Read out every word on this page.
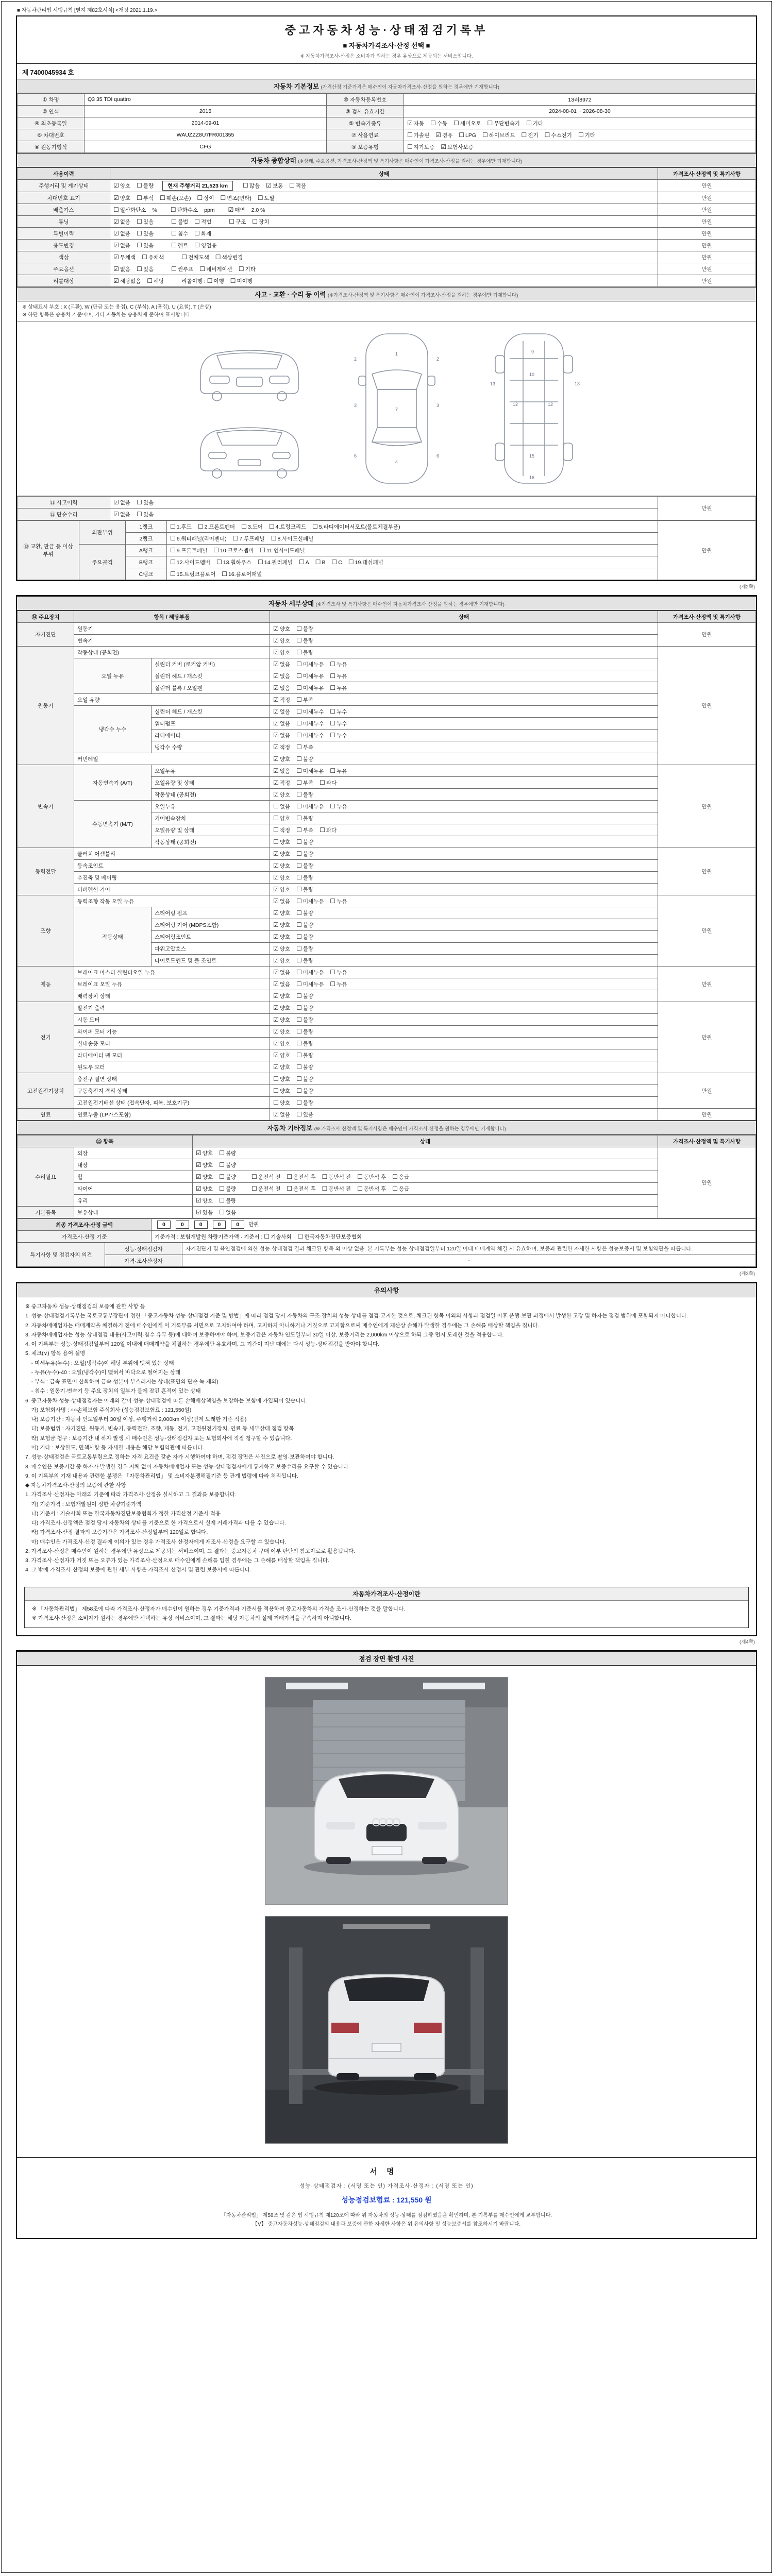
■ 자동차관리법 시행규칙 [별지 제82호서식] <개정 2021.1.19.>
중고자동차성능·상태점검기록부
■ 자동차가격조사·산정 선택 ■
※ 자동차가격조사·산정은 소비자가 원하는 경우 유상으로 제공되는 서비스입니다.
제 7400045934 호
자동차 기본정보 (가격산정 기준가격은 매수인이 자동차가격조사·산정을 원하는 경우에만 기재합니다)
① 차명	Q3 35 TDI quattro	⑩ 자동차등록번호	13러8972
② 연식	2015	③ 검사 유효기간	2024-08-01 ~ 2026-08-30
④ 최초등록일	2014-09-01	⑤ 변속기종류	☑ 자동 ☐ 수동 ☐ 세미오토 ☐ 무단변속기 ☐ 기타
⑥ 차대번호	WAUZZZ8U7FR001355	⑦ 사용연료	☐ 가솔린 ☑ 경유 ☐ LPG ☐ 하이브리드 ☐ 전기 ☐ 수소전기 ☐ 기타
⑧ 원동기형식	CFG	⑨ 보증유형	☐ 자가보증 ☑ 보험사보증
자동차 종합상태 (※상태, 주요옵션, 가격조사·산정액 및 특기사항은 매수인이 가격조사·산정을 원하는 경우에만 기재합니다)
사용이력	상태	가격조사·산정액 및 특기사항
주행거리 및 계기상태	☑ 양호 ☐ 불량 현재 주행거리 21,523 km ☐ 많음 ☑ 보통 ☐ 적음	만원
차대번호 표기	☑ 양호 ☐ 부식 ☐ 훼손(오손) ☐ 상이 ☐ 변조(변타) ☐ 도말	만원
배출가스	☐ 일산화탄소 % ☐ 탄화수소 ppm ☑ 매연 2.0 %	만원
튜닝	☑ 없음 ☐ 있음 ☐ 불법 ☐ 적법 ☐ 구조 ☐ 장치	만원
특별이력	☑ 없음 ☐ 있음 ☐ 침수 ☐ 화재	만원
용도변경	☑ 없음 ☐ 있음 ☐ 렌트 ☐ 영업용	만원
색상	☑ 무채색 ☐ 유채색 ☐ 전체도색 ☐ 색상변경	만원
주요옵션	☑ 없음 ☐ 있음 ☐ 썬루프 ☐ 네비게이션 ☐ 기타	만원
리콜대상	☑ 해당없음 ☐ 해당 리콜이행 : ☐ 이행 ☐ 미이행	만원
사고 · 교환 · 수리 등 이력 (※가격조사·산정액 및 특기사항은 매수인이 가격조사·산정을 원하는 경우에만 기재합니다)
※ 상태표시 부호 : X (교환), W (판금 또는 용접), C (부식), A (흠집), U (요철), T (손상)
※ 하단 항목은 승용차 기준이며, 기타 자동차는 승용차에 준하여 표시합니다.
1
2	2
3	3
7
4
6	6
9
10
12	12
13	13
15
16
⑪ 사고이력	☑ 없음 ☐ 있음	만원
⑫ 단순수리	☑ 없음 ☐ 있음	
⑬ 교환, 판금 등 이상 부위	외판부위	1랭크	☐ 1.후드 ☐ 2.프론트펜더 ☐ 3.도어 ☐ 4.트렁크리드 ☐ 5.라디에이터서포트(볼트체결부품)	만원
		2랭크	☐ 6.쿼터패널(리어펜더) ☐ 7.루프패널 ☐ 8.사이드실패널	
	주요골격	A랭크	☐ 9.프론트패널 ☐ 10.크로스멤버 ☐ 11.인사이드패널	
		B랭크	☐ 12.사이드멤버 ☐ 13.휠하우스 ☐ 14.필러패널 ☐ A ☐ B ☐ C ☐ 19.대쉬패널	
		C랭크	☐ 15.트렁크플로어 ☐ 16.플로어패널	
(제2쪽)
자동차 세부상태 (※가격조사 및 특기사항은 매수인이 자동차가격조사·산정을 원하는 경우에만 기재합니다)
⑭ 주요장치	항목 / 해당부품		상태	가격조사·산정액 및 특기사항
자기진단	원동기		☑ 양호 ☐ 불량	만원
	변속기		☑ 양호 ☐ 불량	
원동기	작동상태 (공회전)		☑ 양호 ☐ 불량	만원
	오일 누유	실린더 커버 (로커암 커버)	☑ 없음 ☐ 미세누유 ☐ 누유	
		실린더 헤드 / 개스킷	☑ 없음 ☐ 미세누유 ☐ 누유	
		실린더 블록 / 오일팬	☑ 없음 ☐ 미세누유 ☐ 누유	
	오일 유량		☑ 적정 ☐ 부족	
	냉각수 누수	실린더 헤드 / 개스킷	☑ 없음 ☐ 미세누수 ☐ 누수	
		워터펌프	☑ 없음 ☐ 미세누수 ☐ 누수	
		라디에이터	☑ 없음 ☐ 미세누수 ☐ 누수	
		냉각수 수량	☑ 적정 ☐ 부족	
	커먼레일		☑ 양호 ☐ 불량	
변속기	자동변속기 (A/T)	오일누유	☑ 없음 ☐ 미세누유 ☐ 누유	만원
		오일유량 및 상태	☑ 적정 ☐ 부족 ☐ 과다	
		작동상태 (공회전)	☑ 양호 ☐ 불량	
	수동변속기 (M/T)	오일누유	☐ 없음 ☐ 미세누유 ☐ 누유	
		기어변속장치	☐ 양호 ☐ 불량	
		오일유량 및 상태	☐ 적정 ☐ 부족 ☐ 과다	
		작동상태 (공회전)	☐ 양호 ☐ 불량	
동력전달	클러치 어셈블리		☑ 양호 ☐ 불량	만원
	등속조인트		☑ 양호 ☐ 불량	
	추진축 및 베어링		☑ 양호 ☐ 불량	
	디퍼렌셜 기어		☑ 양호 ☐ 불량	
조향	동력조향 작동 오일 누유		☑ 없음 ☐ 미세누유 ☐ 누유	만원
	작동상태	스티어링 펌프	☑ 양호 ☐ 불량	
		스티어링 기어 (MDPS포함)	☑ 양호 ☐ 불량	
		스티어링조인트	☑ 양호 ☐ 불량	
		파워고압호스	☑ 양호 ☐ 불량	
		타이로드엔드 및 볼 조인트	☑ 양호 ☐ 불량	
제동	브레이크 마스터 실린더오일 누유		☑ 없음 ☐ 미세누유 ☐ 누유	만원
	브레이크 오일 누유		☑ 없음 ☐ 미세누유 ☐ 누유	
	배력장치 상태		☑ 양호 ☐ 불량	
전기	발전기 출력		☑ 양호 ☐ 불량	만원
	시동 모터		☑ 양호 ☐ 불량	
	와이퍼 모터 기능		☑ 양호 ☐ 불량	
	실내송풍 모터		☑ 양호 ☐ 불량	
	라디에이터 팬 모터		☑ 양호 ☐ 불량	
	윈도우 모터		☑ 양호 ☐ 불량	
고전원전기장치	충전구 절연 상태		☐ 양호 ☐ 불량	만원
	구동축전지 격리 상태		☐ 양호 ☐ 불량	
	고전원전기배선 상태 (접속단자, 피복, 보호기구)		☐ 양호 ☐ 불량	
연료	연료누출 (LP가스포함)		☑ 없음 ☐ 있음	만원
자동차 기타정보 (※ 가격조사·산정액 및 특기사항은 매수인이 가격조사·산정을 원하는 경우에만 기재합니다)
⑮ 항목		상태	가격조사·산정액 및 특기사항
수리필요	외장	☑ 양호 ☐ 불량	만원
	내장	☑ 양호 ☐ 불량	
	휠	☑ 양호 ☐ 불량 ☐ 운전석 전 ☐ 운전석 후 ☐ 동반석 전 ☐ 동반석 후 ☐ 응급	
	타이어	☑ 양호 ☐ 불량 ☐ 운전석 전 ☐ 운전석 후 ☐ 동반석 전 ☐ 동반석 후 ☐ 응급	
	유리	☑ 양호 ☐ 불량	
기본품목	보유상태	☑ 있음 ☐ 없음	
최종 가격조사·산정 금액	0 0 0 0 0 만원
가격조사·산정 기준	기준가격 : 보험개발원 차량기준가액 · 기준서 : ☐ 기술사회 ☐ 한국자동차진단보증협회
특기사항 및 점검자의 의견	성능·상태점검자	자기진단기 및 육안점검에 의한 성능·상태점검 결과 체크된 항목 외 이상 없음. 본 기록부는 성능·상태점검일부터 120일 이내 매매계약 체결 시 유효하며, 보증과 관련한 자세한 사항은 성능보증서 및 보험약관을 따릅니다.
	가격·조사산정자	-
(제3쪽)
유의사항
※ 중고자동차 성능·상태점검의 보증에 관한 사항 등
1. 성능·상태점검기록부는 국토교통부장관이 정한 「중고자동차 성능·상태점검 기준 및 방법」에 따라 점검 당시 자동차의 구조·장치의 성능·상태를 점검·고지한 것으로, 체크된 항목 이외의 사항과 점검일 이후 운행·보관 과정에서 발생한 고장 및 하자는 점검 범위에 포함되지 아니합니다.
2. 자동차매매업자는 매매계약을 체결하기 전에 매수인에게 이 기록부를 서면으로 고지하여야 하며, 고지하지 아니하거나 거짓으로 고지함으로써 매수인에게 재산상 손해가 발생한 경우에는 그 손해를 배상할 책임을 집니다.
3. 자동차매매업자는 성능·상태점검 내용(사고이력·침수 유무 등)에 대하여 보증하여야 하며, 보증기간은 자동차 인도일부터 30일 이상, 보증거리는 2,000km 이상으로 하되 그중 먼저 도래한 것을 적용합니다.
4. 이 기록부는 성능·상태점검일부터 120일 이내에 매매계약을 체결하는 경우에만 유효하며, 그 기간이 지난 때에는 다시 성능·상태점검을 받아야 합니다.
5. 체크(∨) 항목 용어 설명
- 미세누유(누수) : 오일(냉각수)이 해당 부위에 맺혀 있는 상태
- 누유(누수)-40 : 오일(냉각수)이 맺혀서 바닥으로 떨어지는 상태
- 부식 : 금속 표면이 산화하여 금속 성분이 부스러지는 상태(표면의 단순 녹 제외)
- 침수 : 원동기·변속기 등 주요 장치의 일부가 물에 잠긴 흔적이 있는 상태
6. 중고자동차 성능·상태점검자는 아래와 같이 성능·상태점검에 따른 손해배상책임을 보장하는 보험에 가입되어 있습니다.
가) 보험회사명 : ○○손해보험 주식회사 (성능점검보험료 : 121,550원)
나) 보증기간 : 자동차 인도일부터 30일 이상, 주행거리 2,000km 이상(먼저 도래한 기준 적용)
다) 보증범위 : 자기진단, 원동기, 변속기, 동력전달, 조향, 제동, 전기, 고전원전기장치, 연료 등 세부상태 점검 항목
라) 보험금 청구 : 보증기간 내 하자 발생 시 매수인은 성능·상태점검자 또는 보험회사에 직접 청구할 수 있습니다.
마) 기타 : 보상한도, 면책사항 등 자세한 내용은 해당 보험약관에 따릅니다.
7. 성능·상태점검은 국토교통부령으로 정하는 자격 요건을 갖춘 자가 시행하여야 하며, 점검 장면은 사진으로 촬영·보관하여야 합니다.
8. 매수인은 보증기간 중 하자가 발생한 경우 지체 없이 자동차매매업자 또는 성능·상태점검자에게 통지하고 보증수리를 요구할 수 있습니다.
9. 이 기록부의 기재 내용과 관련한 분쟁은 「자동차관리법」 및 소비자분쟁해결기준 등 관계 법령에 따라 처리됩니다.
◆ 자동차가격조사·산정의 보증에 관한 사항
1. 가격조사·산정자는 아래의 기준에 따라 가격조사·산정을 실시하고 그 결과를 보증합니다.
가) 기준가격 : 보험개발원이 정한 차량기준가액
나) 기준서 : 기술사회 또는 한국자동차진단보증협회가 정한 가격산정 기준서 적용
다) 가격조사·산정액은 점검 당시 자동차의 상태를 기준으로 한 가격으로서 실제 거래가격과 다를 수 있습니다.
라) 가격조사·산정 결과의 보증기간은 가격조사·산정일부터 120일로 합니다.
마) 매수인은 가격조사·산정 결과에 이의가 있는 경우 가격조사·산정자에게 재조사·산정을 요구할 수 있습니다.
2. 가격조사·산정은 매수인이 원하는 경우에만 유상으로 제공되는 서비스이며, 그 결과는 중고자동차 구매 여부 판단의 참고자료로 활용됩니다.
3. 가격조사·산정자가 거짓 또는 오류가 있는 가격조사·산정으로 매수인에게 손해를 입힌 경우에는 그 손해를 배상할 책임을 집니다.
4. 그 밖에 가격조사·산정의 보증에 관한 세부 사항은 가격조사·산정서 및 관련 보증서에 따릅니다.
자동차가격조사·산정이란
※ 「자동차관리법」 제58조에 따라 가격조사·산정자가 매수인이 원하는 경우 기준가격과 기준서를 적용하여 중고자동차의 가격을 조사·산정하는 것을 말합니다.
※ 가격조사·산정은 소비자가 원하는 경우에만 선택하는 유상 서비스이며, 그 결과는 해당 자동차의 실제 거래가격을 구속하지 아니합니다.
(제4쪽)
점검 장면 촬영 사진
서명
성능·상태점검자 : (서명 또는 인) 가격조사·산정자 : (서명 또는 인)
성능점검보험료 : 121,550 원
「자동차관리법」 제58조 및 같은 법 시행규칙 제120조에 따라 위 자동차의 성능·상태를 점검하였음을 확인하며, 본 기록부를 매수인에게 교부합니다.
【Ⅴ】 중고자동차성능·상태점검의 내용과 보증에 관한 자세한 사항은 위 유의사항 및 성능보증서를 참조하시기 바랍니다.
